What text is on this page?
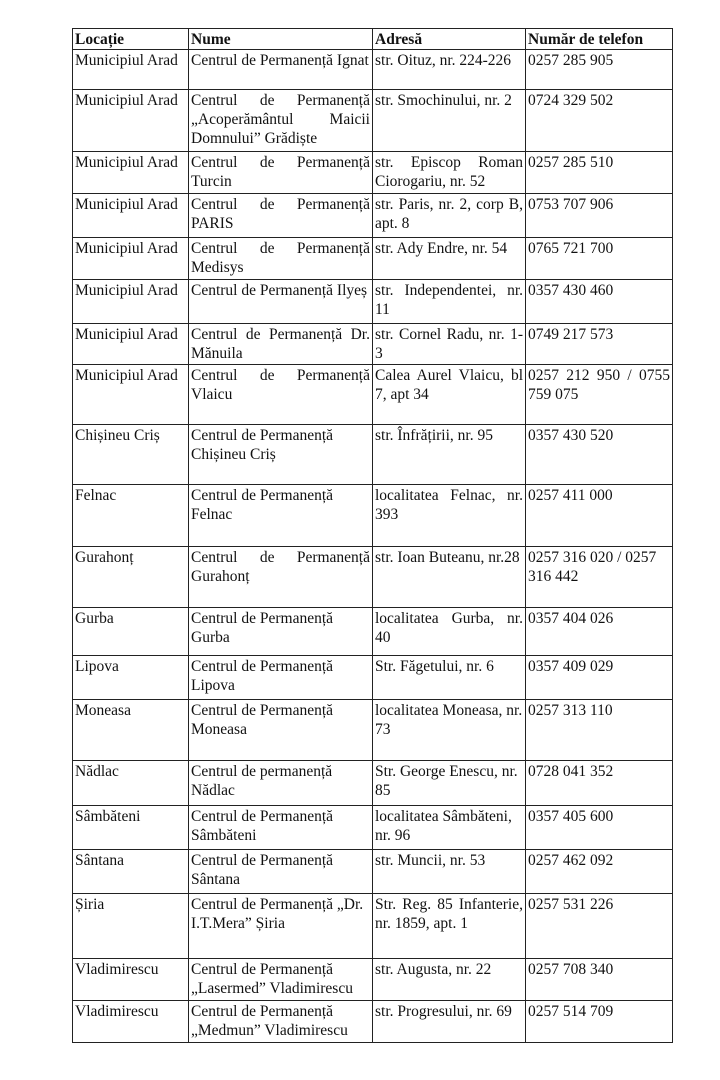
Locație	Nume	Adresă	Număr de telefon
Municipiul Arad	Centrul de Permanență Ignat	str. Oituz, nr. 224-226	0257 285 905
Municipiul Arad	Centrul de Permanență „Acoperământul Maicii Domnului” Grădiște	str. Smochinului, nr. 2	0724 329 502
Municipiul Arad	Centrul de Permanență Turcin	str. Episcop Roman Ciorogariu, nr. 52	0257 285 510
Municipiul Arad	Centrul de Permanență PARIS	str. Paris, nr. 2, corp B, apt. 8	0753 707 906
Municipiul Arad	Centrul de Permanență Medisys	str. Ady Endre, nr. 54	0765 721 700
Municipiul Arad	Centrul de Permanență Ilyeș	str. Independentei, nr. 11	0357 430 460
Municipiul Arad	Centrul de Permanență Dr. Mănuila	str. Cornel Radu, nr. 1-3	0749 217 573
Municipiul Arad	Centrul de Permanență Vlaicu	Calea Aurel Vlaicu, bl 7, apt 34	0257 212 950 / 0755 759 075
Chișineu Criș	Centrul de Permanență Chișineu Criș	str. Înfrățirii, nr. 95	0357 430 520
Felnac	Centrul de Permanență Felnac	localitatea Felnac, nr. 393	0257 411 000
Gurahonț	Centrul de Permanență Gurahonț	str. Ioan Buteanu, nr.28	0257 316 020 / 0257 316 442
Gurba	Centrul de Permanență Gurba	localitatea Gurba, nr. 40	0357 404 026
Lipova	Centrul de Permanență Lipova	Str. Făgetului, nr. 6	0357 409 029
Moneasa	Centrul de Permanență Moneasa	localitatea Moneasa, nr. 73	0257 313 110
Nădlac	Centrul de permanență Nădlac	Str. George Enescu, nr. 85	0728 041 352
Sâmbăteni	Centrul de Permanență Sâmbăteni	localitatea Sâmbăteni, nr. 96	0357 405 600
Sântana	Centrul de Permanență Sântana	str. Muncii, nr. 53	0257 462 092
Șiria	Centrul de Permanență „Dr. I.T.Mera” Șiria	Str. Reg. 85 Infanterie, nr. 1859, apt. 1	0257 531 226
Vladimirescu	Centrul de Permanență „Lasermed” Vladimirescu	str. Augusta, nr. 22	0257 708 340
Vladimirescu	Centrul de Permanență „Medmun” Vladimirescu	str. Progresului, nr. 69	0257 514 709
